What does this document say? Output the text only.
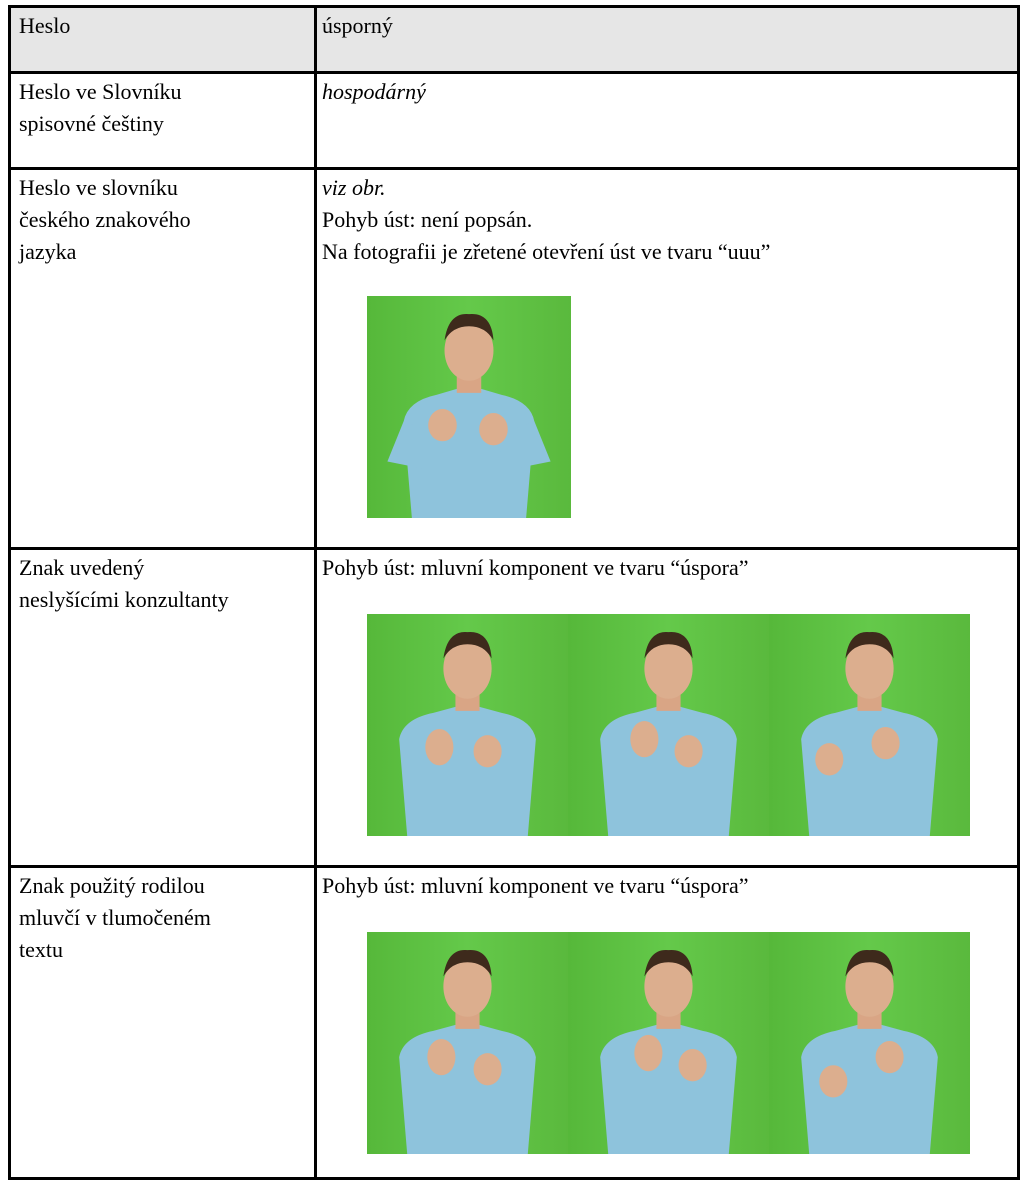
Heslo	úsporný
Heslo ve Slovníku
spisovné češtiny
hospodárný
Heslo ve slovníku
českého znakového
jazyka
viz obr.
Pohyb úst: není popsán.
Na fotografii je zřetené otevření úst ve tvaru “uuu”
Znak uvedený
neslyšícími konzultanty
Pohyb úst: mluvní komponent ve tvaru “úspora”
Znak použitý rodilou
mluvčí v tlumočeném
textu
Pohyb úst: mluvní komponent ve tvaru “úspora”
